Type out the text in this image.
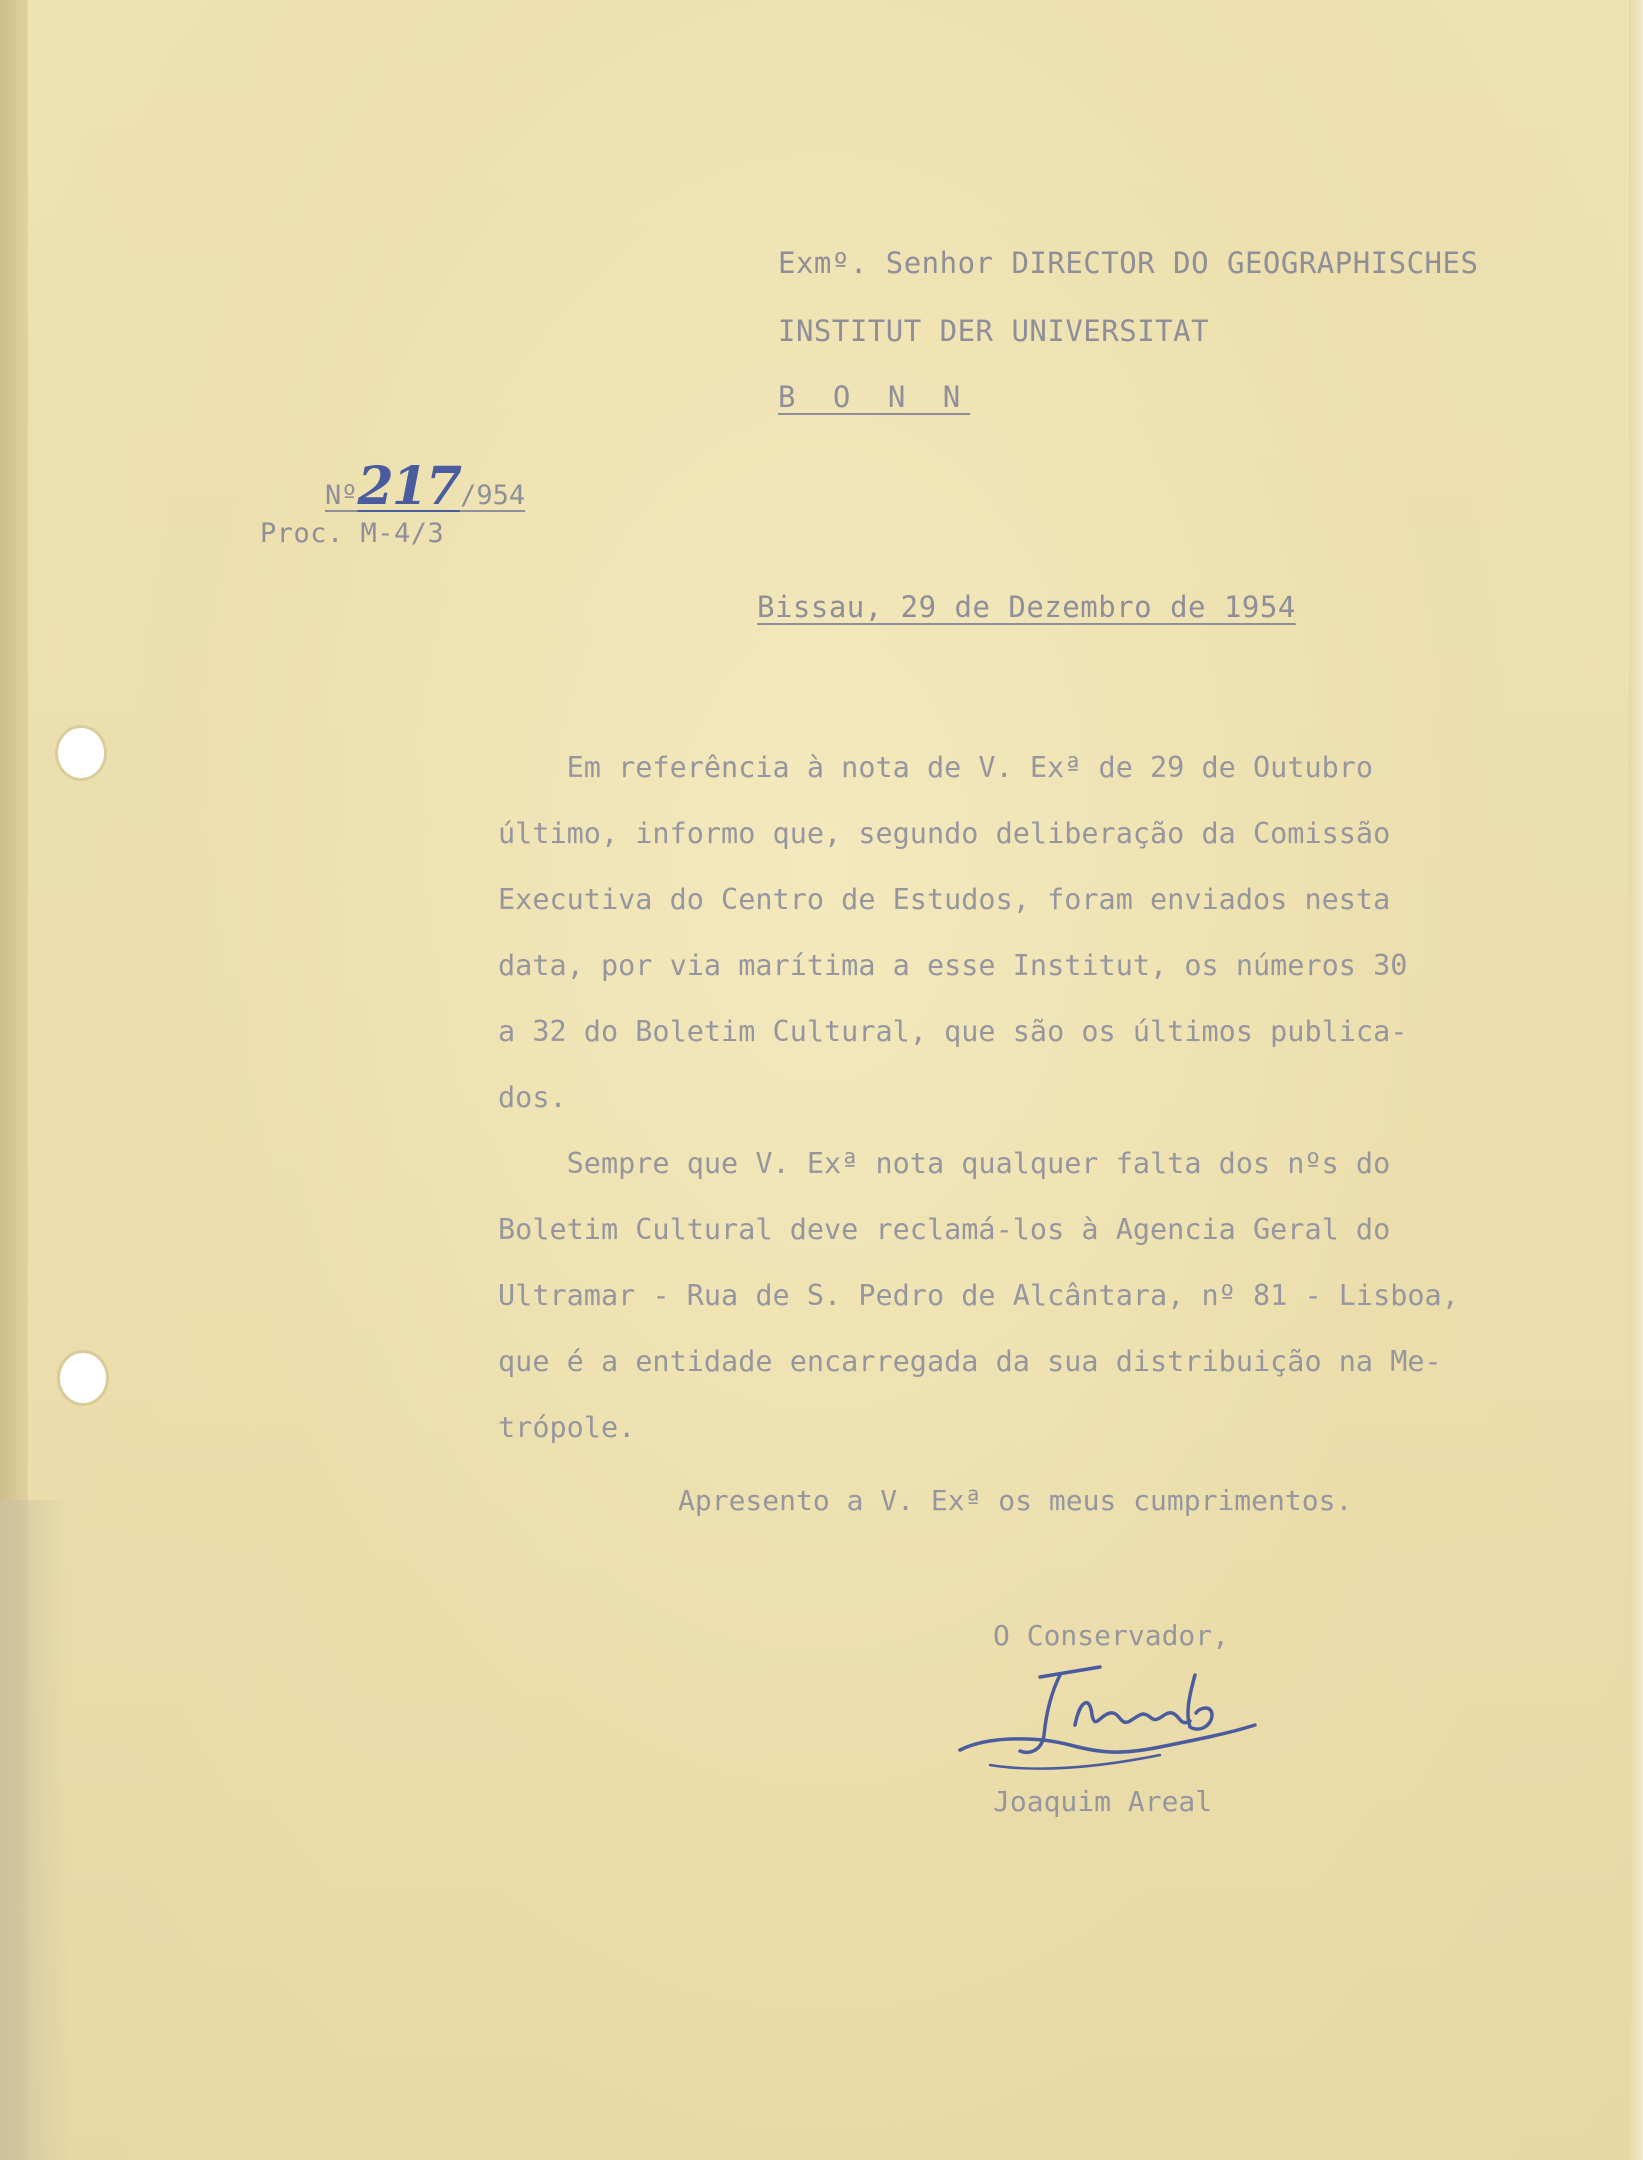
Exmº. Senhor DIRECTOR DO GEOGRAPHISCHES
INSTITUT DER UNIVERSITAT
B O N N

Nº217/954

Proc. M-4/3
Bissau, 29 de Dezembro de 1954

Em referência à nota de V. Exª de 29 de Outubro

último, informo que, segundo deliberação da Comissão

Executiva do Centro de Estudos, foram enviados nesta

data, por via marítima a esse Institut, os números 30

a 32 do Boletim Cultural, que são os últimos publica-

dos.

Sempre que V. Exª nota qualquer falta dos nºs do

Boletim Cultural deve reclamá-los à Agencia Geral do

Ultramar - Rua de S. Pedro de Alcântara, nº 81 - Lisboa,

que é a entidade encarregada da sua distribuição na Me-

trópole.

Apresento a V. Exª os meus cumprimentos.
O Conservador,
Joaquim Areal
